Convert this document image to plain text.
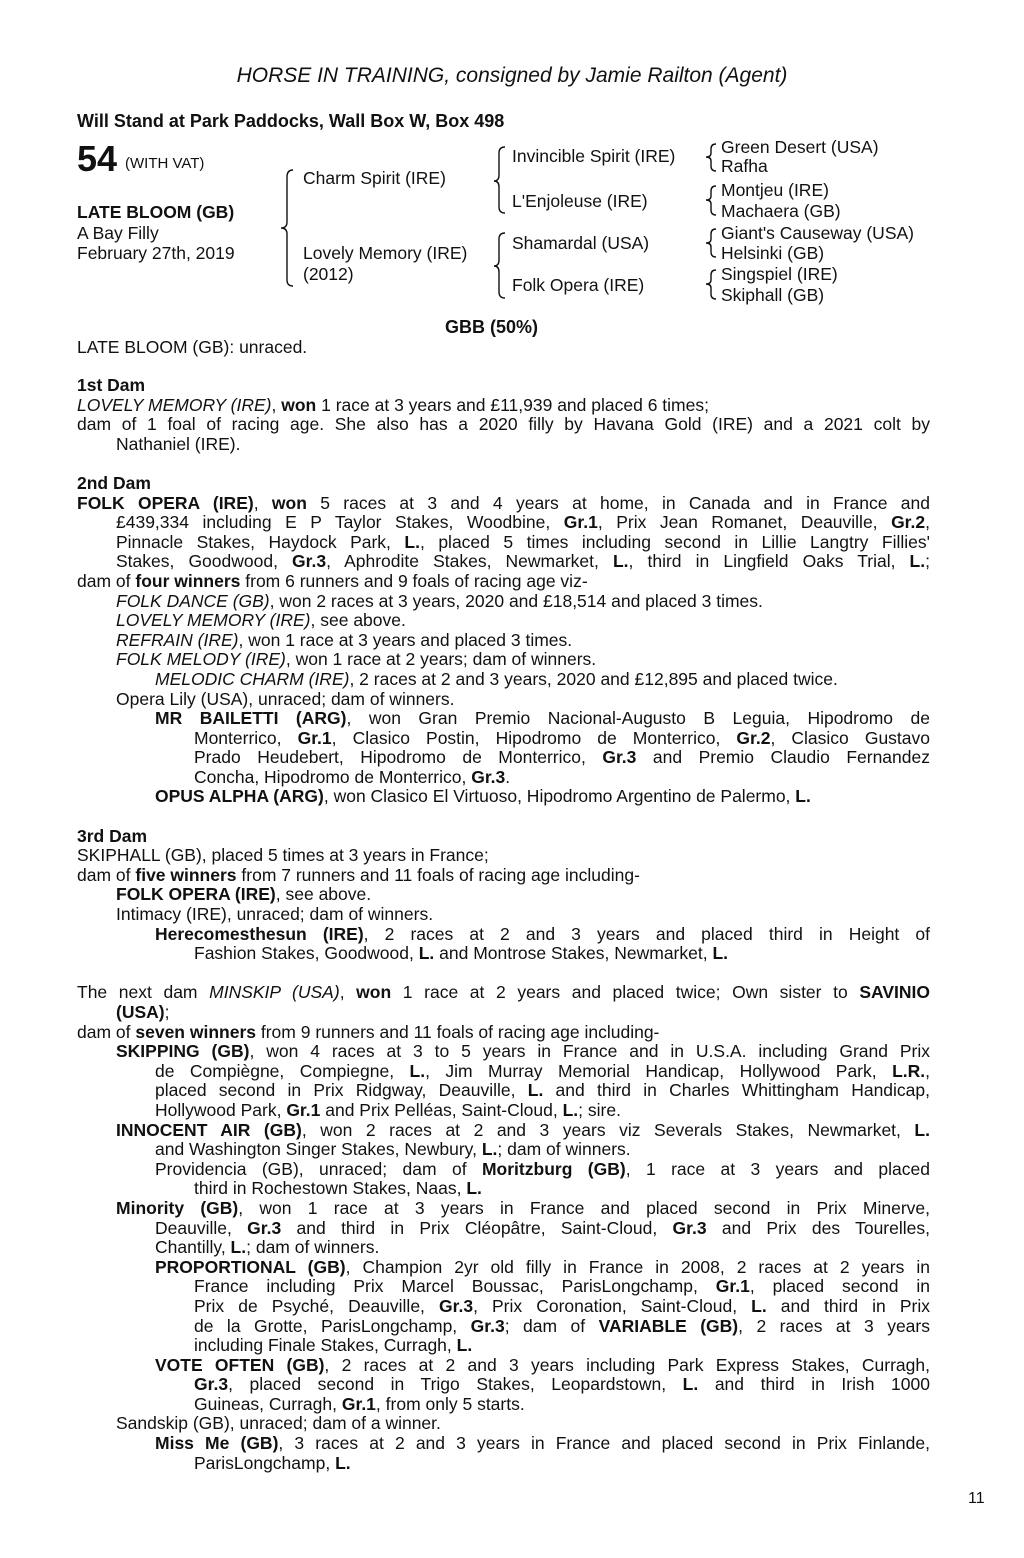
HORSE IN TRAINING, consigned by Jamie Railton (Agent)
Will Stand at Park Paddocks, Wall Box W, Box 498
54 (WITH VAT)
LATE BLOOM (GB)
A Bay Filly
February 27th, 2019
Charm Spirit (IRE)
Lovely Memory (IRE)
(2012)
Invincible Spirit (IRE)
L'Enjoleuse (IRE)
Shamardal (USA)
Folk Opera (IRE)
Green Desert (USA)
Rafha
Montjeu (IRE)
Machaera (GB)
Giant's Causeway (USA)
Helsinki (GB)
Singspiel (IRE)
Skiphall (GB)
GBB (50%)
LATE BLOOM (GB): unraced.
1st Dam
LOVELY MEMORY (IRE), won 1 race at 3 years and £11,939 and placed 6 times;
dam of 1 foal of racing age. She also has a 2020 filly by Havana Gold (IRE) and a 2021 colt by
Nathaniel (IRE).
2nd Dam
FOLK OPERA (IRE), won 5 races at 3 and 4 years at home, in Canada and in France and
£439,334 including E P Taylor Stakes, Woodbine, Gr.1, Prix Jean Romanet, Deauville, Gr.2,
Pinnacle Stakes, Haydock Park, L., placed 5 times including second in Lillie Langtry Fillies'
Stakes, Goodwood, Gr.3, Aphrodite Stakes, Newmarket, L., third in Lingfield Oaks Trial, L.;
dam of four winners from 6 runners and 9 foals of racing age viz-
FOLK DANCE (GB), won 2 races at 3 years, 2020 and £18,514 and placed 3 times.
LOVELY MEMORY (IRE), see above.
REFRAIN (IRE), won 1 race at 3 years and placed 3 times.
FOLK MELODY (IRE), won 1 race at 2 years; dam of winners.
MELODIC CHARM (IRE), 2 races at 2 and 3 years, 2020 and £12,895 and placed twice.
Opera Lily (USA), unraced; dam of winners.
MR BAILETTI (ARG), won Gran Premio Nacional-Augusto B Leguia, Hipodromo de
Monterrico, Gr.1, Clasico Postin, Hipodromo de Monterrico, Gr.2, Clasico Gustavo
Prado Heudebert, Hipodromo de Monterrico, Gr.3 and Premio Claudio Fernandez
Concha, Hipodromo de Monterrico, Gr.3.
OPUS ALPHA (ARG), won Clasico El Virtuoso, Hipodromo Argentino de Palermo, L.
3rd Dam
SKIPHALL (GB), placed 5 times at 3 years in France;
dam of five winners from 7 runners and 11 foals of racing age including-
FOLK OPERA (IRE), see above.
Intimacy (IRE), unraced; dam of winners.
Herecomesthesun (IRE), 2 races at 2 and 3 years and placed third in Height of
Fashion Stakes, Goodwood, L. and Montrose Stakes, Newmarket, L.
The next dam MINSKIP (USA), won 1 race at 2 years and placed twice; Own sister to SAVINIO
(USA);
dam of seven winners from 9 runners and 11 foals of racing age including-
SKIPPING (GB), won 4 races at 3 to 5 years in France and in U.S.A. including Grand Prix
de Compiègne, Compiegne, L., Jim Murray Memorial Handicap, Hollywood Park, L.R.,
placed second in Prix Ridgway, Deauville, L. and third in Charles Whittingham Handicap,
Hollywood Park, Gr.1 and Prix Pelléas, Saint-Cloud, L.; sire.
INNOCENT AIR (GB), won 2 races at 2 and 3 years viz Severals Stakes, Newmarket, L.
and Washington Singer Stakes, Newbury, L.; dam of winners.
Providencia (GB), unraced; dam of Moritzburg (GB), 1 race at 3 years and placed
third in Rochestown Stakes, Naas, L.
Minority (GB), won 1 race at 3 years in France and placed second in Prix Minerve,
Deauville, Gr.3 and third in Prix Cléopâtre, Saint-Cloud, Gr.3 and Prix des Tourelles,
Chantilly, L.; dam of winners.
PROPORTIONAL (GB), Champion 2yr old filly in France in 2008, 2 races at 2 years in
France including Prix Marcel Boussac, ParisLongchamp, Gr.1, placed second in
Prix de Psyché, Deauville, Gr.3, Prix Coronation, Saint-Cloud, L. and third in Prix
de la Grotte, ParisLongchamp, Gr.3; dam of VARIABLE (GB), 2 races at 3 years
including Finale Stakes, Curragh, L.
VOTE OFTEN (GB), 2 races at 2 and 3 years including Park Express Stakes, Curragh,
Gr.3, placed second in Trigo Stakes, Leopardstown, L. and third in Irish 1000
Guineas, Curragh, Gr.1, from only 5 starts.
Sandskip (GB), unraced; dam of a winner.
Miss Me (GB), 3 races at 2 and 3 years in France and placed second in Prix Finlande,
ParisLongchamp, L.
11
